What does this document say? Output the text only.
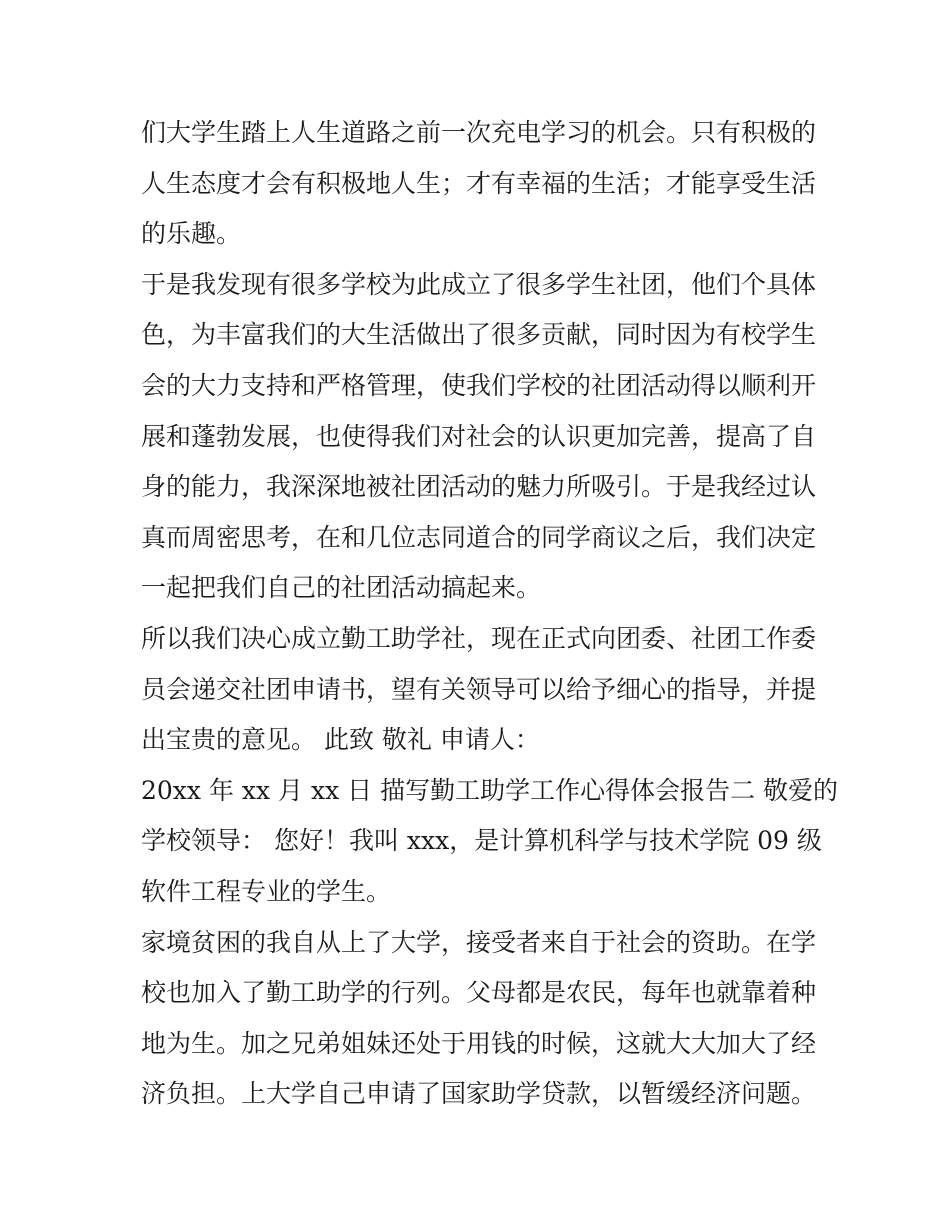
们大学生踏上人生道路之前一次充电学习的机会。只有积极的
人生态度才会有积极地人生；才有幸福的生活；才能享受生活
的乐趣。
于是我发现有很多学校为此成立了很多学生社团，他们个具体
色，为丰富我们的大生活做出了很多贡献，同时因为有校学生
会的大力支持和严格管理，使我们学校的社团活动得以顺利开
展和蓬勃发展，也使得我们对社会的认识更加完善，提高了自
身的能力，我深深地被社团活动的魅力所吸引。于是我经过认
真而周密思考，在和几位志同道合的同学商议之后，我们决定
一起把我们自己的社团活动搞起来。
所以我们决心成立勤工助学社，现在正式向团委、社团工作委
员会递交社团申请书，望有关领导可以给予细心的指导，并提
出宝贵的意见。 此致 敬礼 申请人：
20xx 年 xx 月 xx 日 描写勤工助学工作心得体会报告二 敬爱的
学校领导： 您好！我叫 xxx，是计算机科学与技术学院 09 级
软件工程专业的学生。
家境贫困的我自从上了大学，接受者来自于社会的资助。在学
校也加入了勤工助学的行列。父母都是农民，每年也就靠着种
地为生。加之兄弟姐妹还处于用钱的时候，这就大大加大了经
济负担。上大学自己申请了国家助学贷款，以暂缓经济问题。
